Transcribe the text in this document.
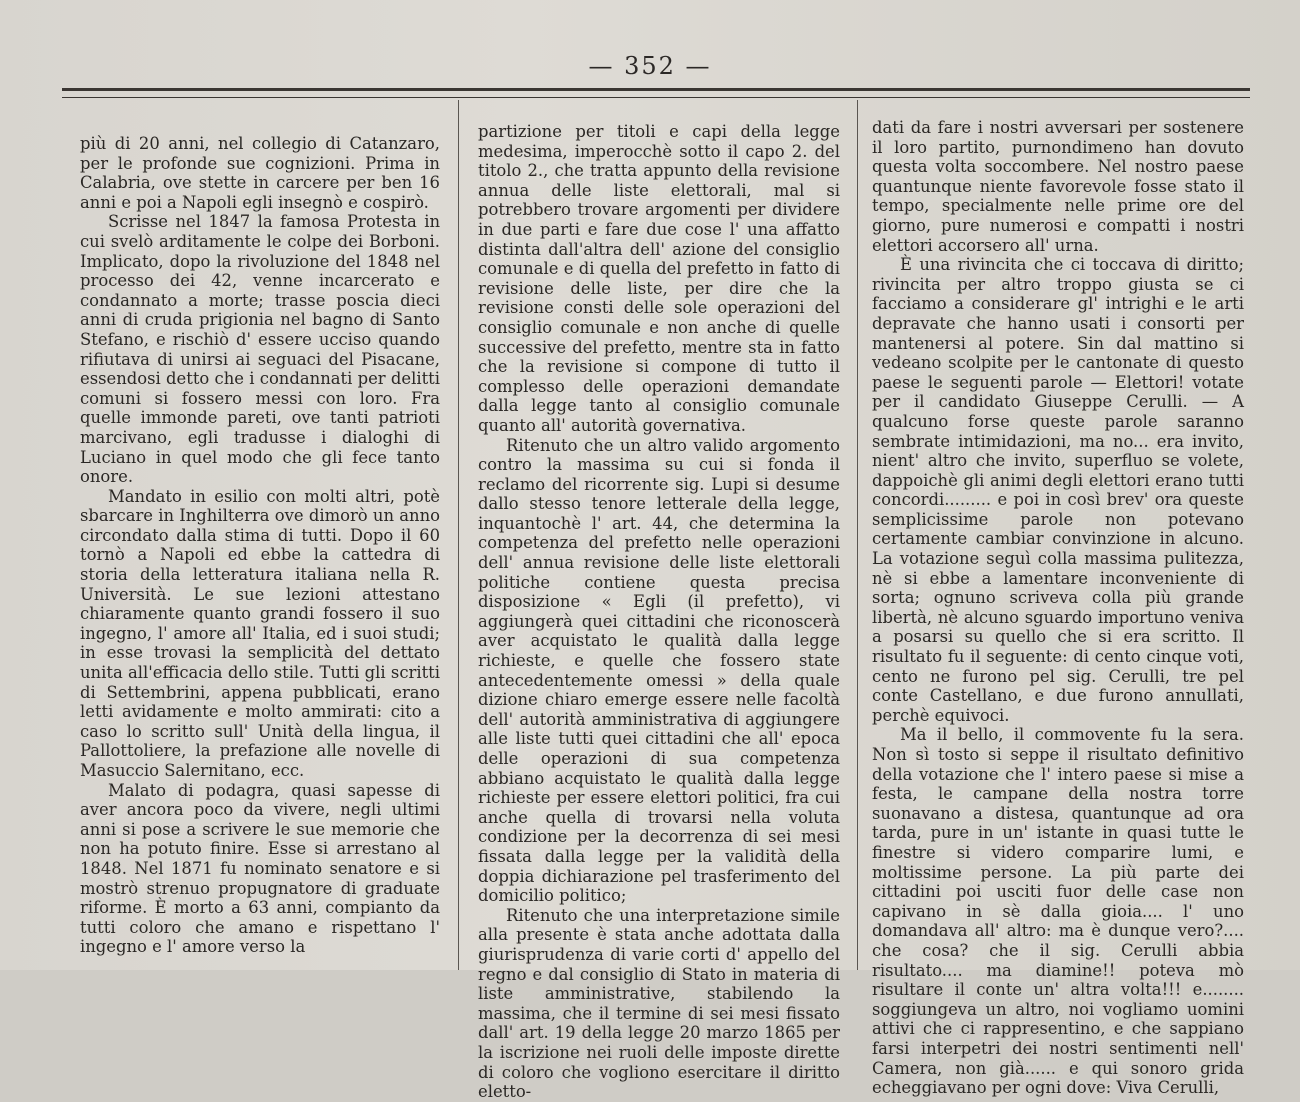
— 352 —

più di 20 anni, nel collegio di Catanzaro, per le profonde sue cognizioni. Prima in Calabria, ove stette in carcere per ben 16 anni e poi a Napoli egli insegnò e cospirò.

Scrisse nel 1847 la famosa Protesta in cui svelò arditamente le colpe dei Borboni. Implicato, dopo la rivoluzione del 1848 nel processo dei 42, venne incarcerato e condannato a morte; trasse poscia dieci anni di cruda prigionia nel bagno di Santo Stefano, e rischiò d' essere ucciso quando rifiutava di unirsi ai seguaci del Pisacane, essendosi detto che i condannati per delitti comuni si fossero messi con loro. Fra quelle immonde pareti, ove tanti patrioti marcivano, egli tradusse i dialoghi di Luciano in quel modo che gli fece tanto onore.

Mandato in esilio con molti altri, potè sbarcare in Inghilterra ove dimorò un anno circondato dalla stima di tutti. Dopo il 60 tornò a Napoli ed ebbe la cattedra di storia della letteratura italiana nella R. Università. Le sue lezioni attestano chiaramente quanto grandi fossero il suo ingegno, l' amore all' Italia, ed i suoi studi; in esse trovasi la semplicità del dettato unita all'efficacia dello stile. Tutti gli scritti di Settembrini, appena pubblicati, erano letti avidamente e molto ammirati: cito a caso lo scritto sull' Unità della lingua, il Pallottoliere, la prefazione alle novelle di Masuccio Salernitano, ecc.

Malato di podagra, quasi sapesse di aver ancora poco da vivere, negli ultimi anni si pose a scrivere le sue memorie che non ha potuto finire. Esse si arrestano al 1848. Nel 1871 fu nominato senatore e si mostrò strenuo propugnatore di graduate riforme. È morto a 63 anni, compianto da tutti coloro che amano e rispettano l' ingegno e l' amore verso la

partizione per titoli e capi della legge medesima, imperocchè sotto il capo 2. del titolo 2., che tratta appunto della revisione annua delle liste elettorali, mal si potrebbero trovare argomenti per dividere in due parti e fare due cose l' una affatto distinta dall'altra dell' azione del consiglio comunale e di quella del prefetto in fatto di revisione delle liste, per dire che la revisione consti delle sole operazioni del consiglio comunale e non anche di quelle successive del prefetto, mentre sta in fatto che la revisione si compone di tutto il complesso delle operazioni demandate dalla legge tanto al consiglio comunale quanto all' autorità governativa.

Ritenuto che un altro valido argomento contro la massima su cui si fonda il reclamo del ricorrente sig. Lupi si desume dallo stesso tenore letterale della legge, inquantochè l' art. 44, che determina la competenza del prefetto nelle operazioni dell' annua revisione delle liste elettorali politiche contiene questa precisa disposizione « Egli (il prefetto), vi aggiungerà quei cittadini che riconoscerà aver acquistato le qualità dalla legge richieste, e quelle che fossero state antecedentemente omessi » della quale dizione chiaro emerge essere nelle facoltà dell' autorità amministrativa di aggiungere alle liste tutti quei cittadini che all' epoca delle operazioni di sua competenza abbiano acquistato le qualità dalla legge richieste per essere elettori politici, fra cui anche quella di trovarsi nella voluta condizione per la decorrenza di sei mesi fissata dalla legge per la validità della doppia dichiarazione pel trasferimento del domicilio politico;

Ritenuto che una interpretazione simile alla presente è stata anche adottata dalla giurisprudenza di varie corti d' appello del regno e dal consiglio di Stato in materia di liste amministrative, stabilendo la massima, che il termine di sei mesi fissato dall' art. 19 della legge 20 marzo 1865 per la iscrizione nei ruoli delle imposte dirette di coloro che vogliono esercitare il diritto eletto-

dati da fare i nostri avversari per sostenere il loro partito, purnondimeno han dovuto questa volta soccombere. Nel nostro paese quantunque niente favorevole fosse stato il tempo, specialmente nelle prime ore del giorno, pure numerosi e compatti i nostri elettori accorsero all' urna.

È una rivincita che ci toccava di diritto; rivincita per altro troppo giusta se ci facciamo a considerare gl' intrighi e le arti depravate che hanno usati i consorti per mantenersi al potere. Sin dal mattino si vedeano scolpite per le cantonate di questo paese le seguenti parole — Elettori! votate per il candidato Giuseppe Cerulli. — A qualcuno forse queste parole saranno sembrate intimidazioni, ma no... era invito, nient' altro che invito, superfluo se volete, dappoichè gli animi degli elettori erano tutti concordi......... e poi in così brev' ora queste semplicissime parole non potevano certamente cambiar convinzione in alcuno. La votazione seguì colla massima pulitezza, nè si ebbe a lamentare inconveniente di sorta; ognuno scriveva colla più grande libertà, nè alcuno sguardo importuno veniva a posarsi su quello che si era scritto. Il risultato fu il seguente: di cento cinque voti, cento ne furono pel sig. Cerulli, tre pel conte Castellano, e due furono annullati, perchè equivoci.

Ma il bello, il commovente fu la sera. Non sì tosto si seppe il risultato definitivo della votazione che l' intero paese si mise a festa, le campane della nostra torre suonavano a distesa, quantunque ad ora tarda, pure in un' istante in quasi tutte le finestre si videro comparire lumi, e moltissime persone. La più parte dei cittadini poi usciti fuor delle case non capivano in sè dalla gioia.... l' uno domandava all' altro: ma è dunque vero?.... che cosa? che il sig. Cerulli abbia risultato.... ma diamine!! poteva mò risultare il conte un' altra volta!!! e........ soggiungeva un altro, noi vogliamo uomini attivi che ci rappresentino, e che sappiano farsi interpetri dei nostri sentimenti nell' Camera, non già...... e qui sonoro grida echeggiavano per ogni dove: Viva Cerulli,
